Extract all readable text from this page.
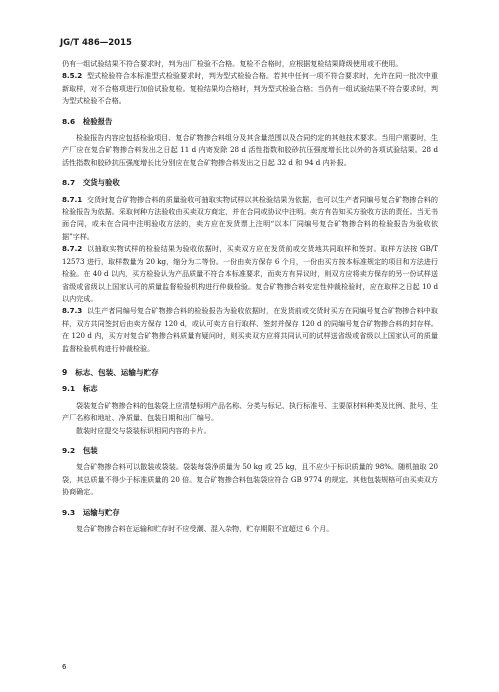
JG/T 486—2015

仍有一组试验结果不符合要求时，判为出厂检验不合格。复检不合格时，应根据复检结果降级使用或不使用。

8.5.2 型式检验符合本标准型式检验要求时，判为型式检验合格。若其中任何一项不符合要求时，允许在同一批次中重新取样，对不合格项进行加倍试验复检。复检结果均合格时，判为型式检验合格；当仍有一组试验结果不符合要求时，判为型式检验不合格。

8.6 检验报告

检验报告内容应包括检验项目、复合矿物掺合料组分及其含量范围以及合同约定的其他技术要求。当用户需要时，生产厂应在复合矿物掺合料发出之日起 11 d 内寄发除 28 d 活性指数和胶砂抗压强度增长比以外的各项试验结果。28 d 活性指数和胶砂抗压强度增长比分别应在复合矿物掺合料发出之日起 32 d 和 94 d 内补报。

8.7 交货与验收

8.7.1 交货时复合矿物掺合料的质量验收可抽取实物试样以其检验结果为依据，也可以生产者同编号复合矿物掺合料的检验报告为依据。采取何种方法验收由买卖双方商定，并在合同或协议中注明。卖方有告知买方验收方法的责任。当无书面合同，或未在合同中注明验收方法的，卖方应在发货票上注明“以本厂同编号复合矿物掺合料的检验报告为验收依据”字样。

8.7.2 以抽取实物试样的检验结果为验收依据时，买卖双方应在发货前或交货地共同取样和签封。取样方法按 GB/T 12573 进行，取样数量为 20 kg，缩分为二等份。一份由卖方保存 6 个月，一份由买方按本标准规定的项目和方法进行检验。在 40 d 以内，买方检验认为产品质量不符合本标准要求，而卖方有异议时，则双方应将卖方保存的另一份试样送省级或省级以上国家认可的质量监督检验机构进行仲裁检验。复合矿物掺合料安定性仲裁检验时，应在取样之日起 10 d 以内完成。

8.7.3 以生产者同编号复合矿物掺合料的检验报告为验收依据时，在发货前或交货时买方在同编号复合矿物掺合料中取样，双方共同签封后由卖方保存 120 d，或认可卖方自行取样、签封并保存 120 d 的同编号复合矿物掺合料的封存样。在 120 d 内，买方对复合矿物掺合料质量有疑问时，则买卖双方应将共同认可的试样送省级或省级以上国家认可的质量监督检验机构进行仲裁检验。

9 标志、包装、运输与贮存

9.1 标志

袋装复合矿物掺合料的包装袋上应清楚标明产品名称、分类与标记、执行标准号、主要原材料种类及比例、批号、生产厂名称和地址、净质量、包装日期和出厂编号。

散装时应提交与袋装标识相同内容的卡片。

9.2 包装

复合矿物掺合料可以散装或袋装。袋装每袋净质量为 50 kg 或 25 kg，且不应少于标识质量的 98%。随机抽取 20 袋，其总质量不得少于标准质量的 20 倍。复合矿物掺合料包装袋应符合 GB 9774 的规定。其他包装规格可由买卖双方协商确定。

9.3 运输与贮存

复合矿物掺合料在运输和贮存时不应受潮、混入杂物，贮存期限不宜超过 6 个月。

6
